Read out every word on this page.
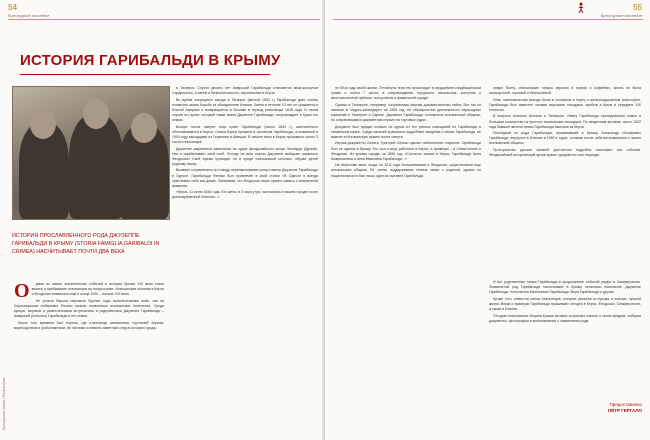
54
Культурное наследие
ИСТОРИЯ ГАРИБАЛЬДИ В КРЫМУ
ИСТОРИЯ ПРОСЛАВЛЕННОГО РОДА ДЖУЗЕППЕ ГАРИБАЛЬДИ В КРЫМУ (STORIA FAMIGLIA GARIBALDI IN CRIMEA) НАСЧИТЫВАЕТ ПОЧТИ ДВА ВЕКА
О	дним из самых значительных событий в истории Крыма XIX века стали визиты и пребывание итальянцев на полуострове. Итальянская колония в Керчи и Феодосии появилась ещё в конце XVIII – начале XIX века.

Не успела Европа пережить бурные годы наполеоновских войн, как на Черноморском побережье России начали появляться итальянские поселения. Среди купцов, моряков и ремесленников встречались и родственники Джузеппе Гарибальди – Амвросий (Антонио) Гарибальди и его семья.

Керчь того времени был портом, где итальянцы занимались торговлей зерном, мореходством и рыболовством. Их потомки оставили заметный след в истории города.

в Таганрог. Спустя десять лет Амвросий Гарибальди становится вице-консулом Сардинского, а затем и Неаполитанского, королевства в Керчи.

Во время очередного заезда в Таганрог (весной 1833 г.) Гарибальди дает клятву посвятить жизнь борьбе за объединение Италии. Затем в течение 13 лет он сражается в Южной Америке и возвращается в Италию в период революции 1848 года. В таком случае его кузен, который также звали Джузеппе Гарибальди, сопровождает в Крым его семью.

Вскоре после смерти отца кузен Гарибальди (около 1840 г.) окончательно обосновывается в Керчи. Семья Бауер прожила в основном Гарибальди, основанный в 1904 году выходцами из Германии и Швеции. В начале века в Керчи проживало около 3 тысяч итальянцев.

Джузеппе закрепился капитаном на судне феодосийского купца Леонардо Дурante, тем и зарабатывает свой хлеб. Потому на всех портах Джузеппе выбирает маминого Феодосию! Своё время проводит он и среди итальянской колонии, обучая детей родному языку.

Вызвано сохранением по поводу переименования улицы имени Джузеппе Гарибальди в Одессе. Гарибальди Феникс был привлечён в свой статье «В Одессе я всегда чувствовал себя как дома». Вспомним, что Феодосия также хранит память о знаменитой фамилии.

«Керчь, 11 июня 1846 года. Его жена, в 3 часа утра, скончалась в нашем городе после кратковременной болезни...»

Культурные связи | Полуостров
55
Культурное наследие

не 69-м году своей жизни. Оттиснуты тела его происходит в сердцевине кладбищенском храме и потом 7 числа, в сопровождении городского начальства, консулов и многочисленной публики, похоронены в фамильной ограде.

Однако в Таганроге, например, сохранилась важная документальная тайна. Вот так он записан в «Адрес-календаре» за 1825 год, её обширностью деятельности пароходных компаний в Таганроге и Одессе. Джузеппе Гарибальди, основатель итальянской общины, по сохранившимся документам служил на торговых судах.

Документ был предан огласке на одном из тех ученых совещаний по Гарибальди в тюменском музее. Среди записей хранились подробные сведения о семье Гарибальди, её вывозе в Итальянскую армию после смерти.

Изучая документы Сената, Григорий Сенько сделал любопытное открытие: Гарибальди был не одинок в Крыму. Его сын и внук работали в Керчи, а правнуки – в Севастополе и Феодосии. Из архива города, за 1896 год: «Согласно записи в Керчи, Гарибальди Анна Амвросиевна и Анна Ивановна Гарибальди...»

На переломе века, когда он 20-й года большевиками в Феодосии, существовала еще итальянская община. Её члены поддерживали тесные связи с родиной, однако по национальности был лишь один из сыновей Гарибальди.

новую Пьету, итальянские говоры звучали в портах и кофейнях, жизнь их была насыщенной, торговой и беспокойной.

Итак, экономическая выгода была в основном в порту и железнодорожном транспорте. Гарибальди был известен своими морскими походами, прибыв в Крым в середине XIX столетия.

В вопросе Алексея Шопина о Таганроге, Ивану Гарибальди принадлежала семья в большом количестве из простых итальянских выходцев. По сведениям архивов, около 1922 года бывшие жители семьи Гарибальди выехали из Керчи.

Последний из рода Гарибальди, проживавший в Крыму, Александр Иосифович Гарибальди, вернулся в Италию в 1950-х годах, оставив после себя воспоминания о жизни итальянской общины.

Пространство русских записей достаточно подробно описывает эти события. Феодосийский исторический архив хранит документы того периода.

И вот родственные линии Гарибальди в продолжение событий уходят в Симферополь. Знаменитый род Гарибальди насчитывает в Крыму несколько поколений: Джузеппе Гарибальди, Константин Евгеньевич Гарибальди, Вера Гарибальди и другие.

Кроме того, известна линия итальянцев, которые уезжали из Крыма в поисках лучшей жизни. Внуки и правнуки Гарибальди проживают сегодня в Керчи, Феодосии, Симферополе, а также в Италии.

Сегодня итальянская община Крыма активно сохраняет память о своих предках, собирая документы, фотографии и воспоминания о знаменитом роде.

Предоставлено
ПЁТР ГЕРГАЛО
